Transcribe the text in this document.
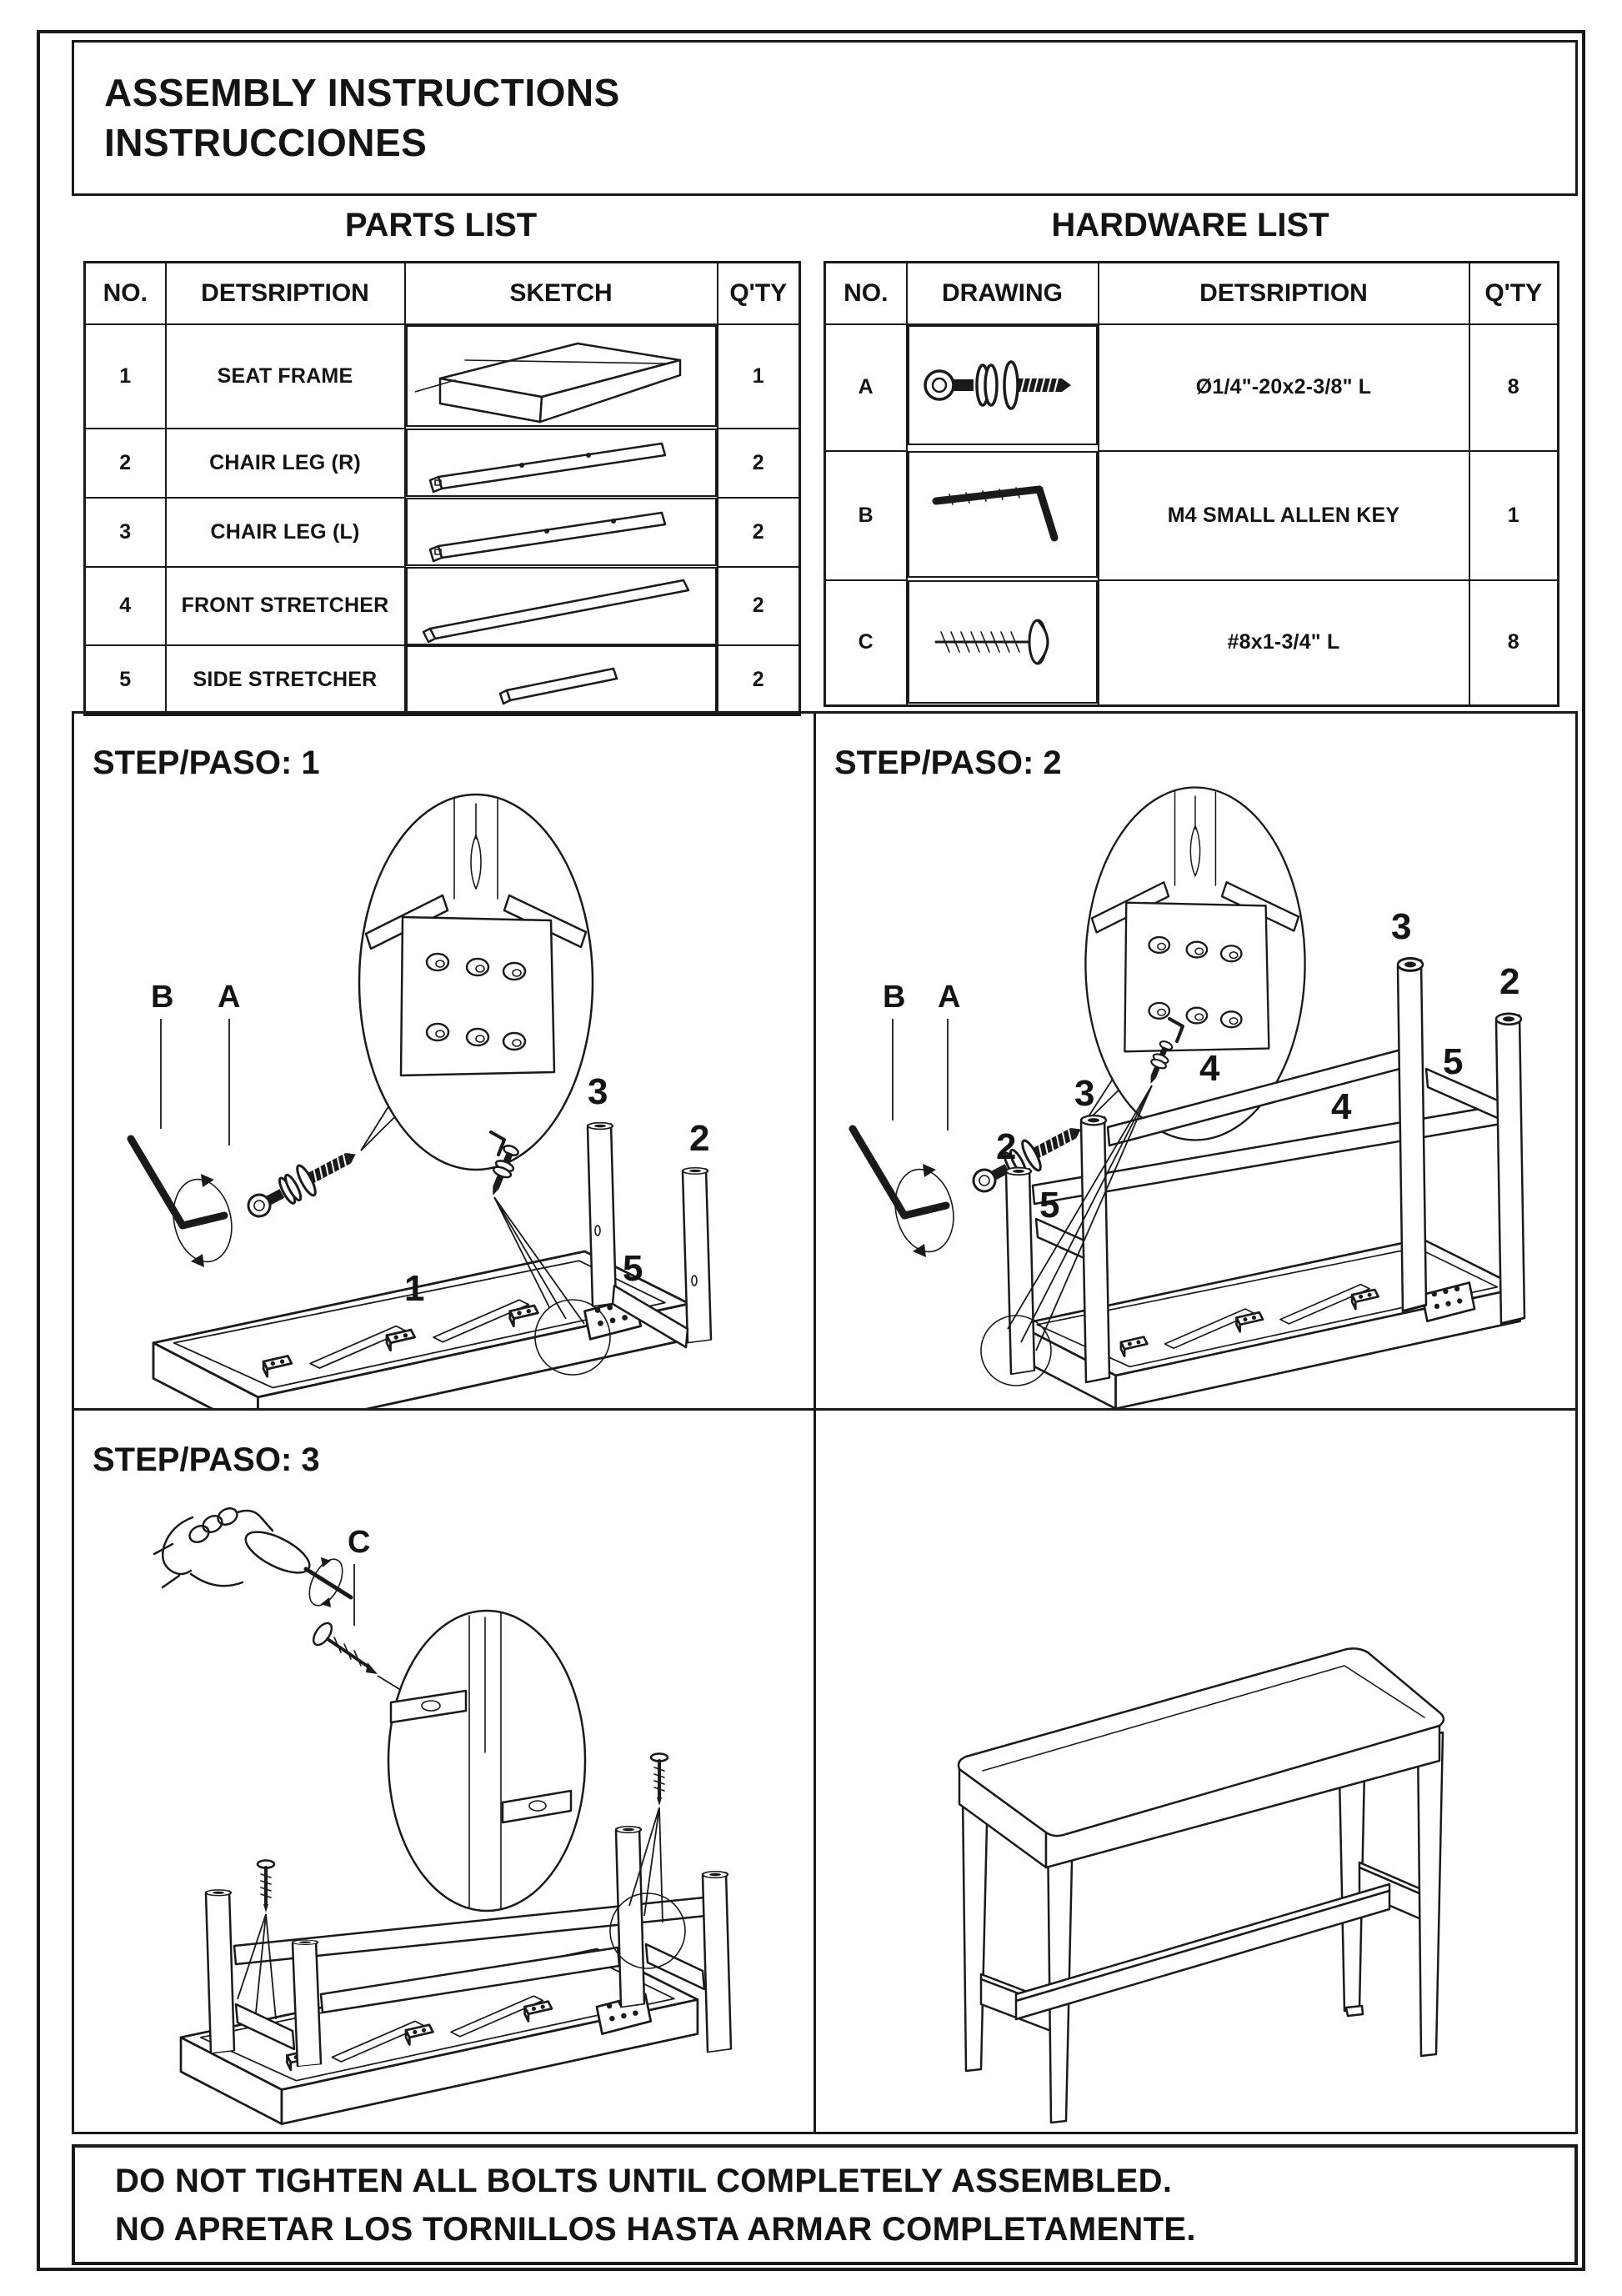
ASSEMBLY INSTRUCTIONS
INSTRUCCIONES
PARTS LIST	HARDWARE LIST
NO.	DETSRIPTION	SKETCH	Q'TY
1	SEAT FRAME	1
2	CHAIR LEG (R)	2
3	CHAIR LEG (L)	2
4	FRONT STRETCHER	2
5	SIDE STRETCHER	2
NO.	DRAWING	DETSRIPTION	Q'TY
A	Ø1/4"-20x2-3/8" L	8
B	M4 SMALL ALLEN KEY	1
C	#8x1-3/4" L	8
STEP/PASO: 1
B A
3
2
5
1
STEP/PASO: 2
B A
2
3
3
2
4
4
5
5
STEP/PASO: 3
C
DO NOT TIGHTEN ALL BOLTS UNTIL COMPLETELY ASSEMBLED.
NO APRETAR LOS TORNILLOS HASTA ARMAR COMPLETAMENTE.
